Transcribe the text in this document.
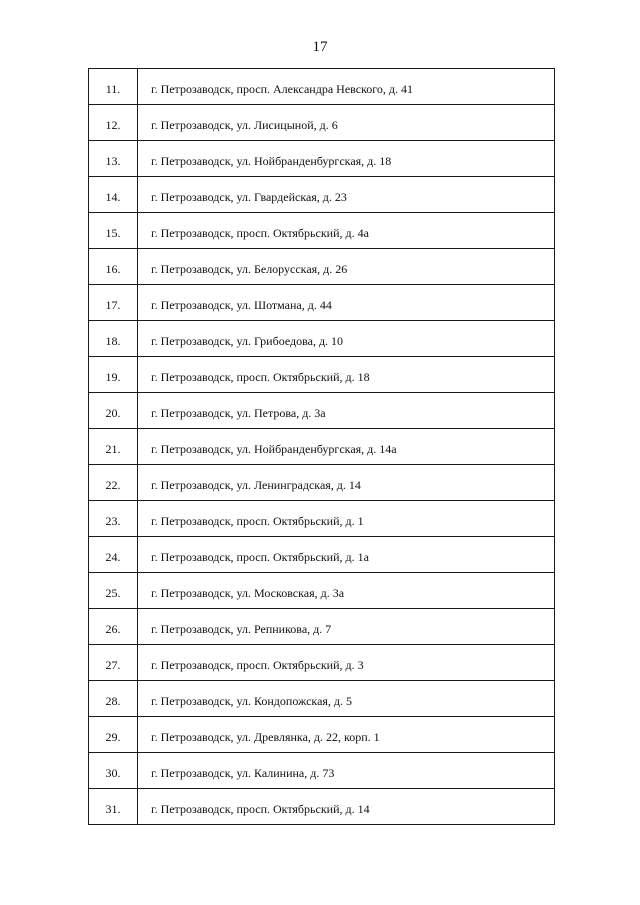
17
11.	г. Петрозаводск, просп. Александра Невского, д. 41
12.	г. Петрозаводск, ул. Лисицыной, д. 6
13.	г. Петрозаводск, ул. Нойбранденбургская, д. 18
14.	г. Петрозаводск, ул. Гвардейская, д. 23
15.	г. Петрозаводск, просп. Октябрьский, д. 4а
16.	г. Петрозаводск, ул. Белорусская, д. 26
17.	г. Петрозаводск, ул. Шотмана, д. 44
18.	г. Петрозаводск, ул. Грибоедова, д. 10
19.	г. Петрозаводск, просп. Октябрьский, д. 18
20.	г. Петрозаводск, ул. Петрова, д. 3а
21.	г. Петрозаводск, ул. Нойбранденбургская, д. 14а
22.	г. Петрозаводск, ул. Ленинградская, д. 14
23.	г. Петрозаводск, просп. Октябрьский, д. 1
24.	г. Петрозаводск, просп. Октябрьский, д. 1а
25.	г. Петрозаводск, ул. Московская, д. 3а
26.	г. Петрозаводск, ул. Репникова, д. 7
27.	г. Петрозаводск, просп. Октябрьский, д. 3
28.	г. Петрозаводск, ул. Кондопожская, д. 5
29.	г. Петрозаводск, ул. Древлянка, д. 22, корп. 1
30.	г. Петрозаводск, ул. Калинина, д. 73
31.	г. Петрозаводск, просп. Октябрьский, д. 14
